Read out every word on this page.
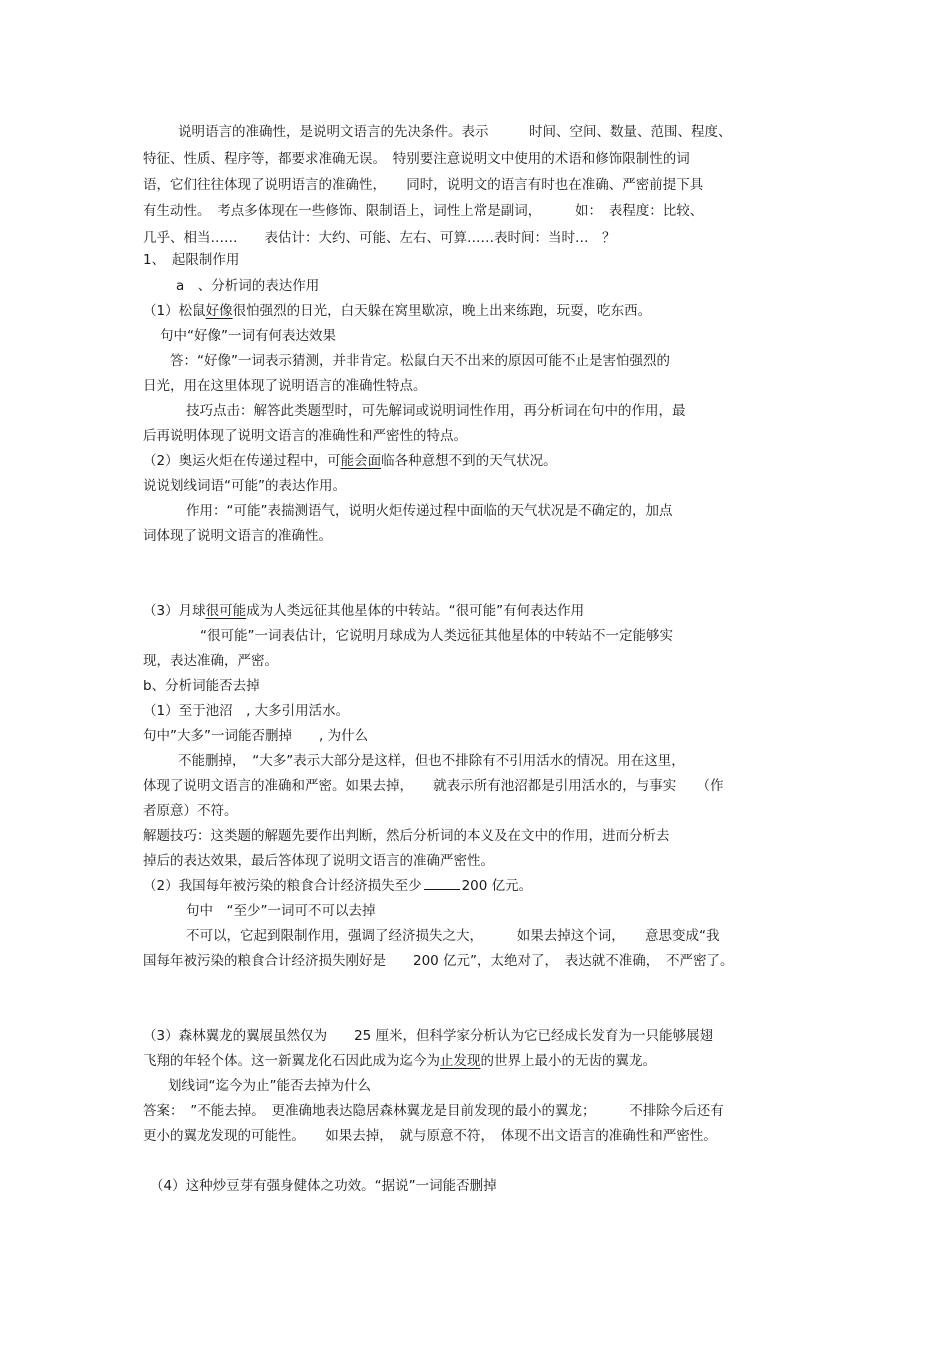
说明语言的准确性，是说明文语言的先决条件。表示　　　时间、空间、数量、范围、程度、
特征、性质、程序等，都要求准确无误。　特别要注意说明文中使用的术语和修饰限制性的词
语，它们往往体现了说明语言的准确性，　　同时，说明文的语言有时也在准确、严密前提下具
有生动性。　考点多体现在一些修饰、限制语上，词性上常是副词，　　　如：　表程度：比较、
几乎、相当……　　表估计：大约、可能、左右、可算……表时间：当时…　？
1、　起限制作用
a　、分析词的表达作用
（1）松鼠好像很怕强烈的日光，白天躲在窝里歇凉，晚上出来练跑，玩耍，吃东西。
句中“好像”一词有何表达效果
答：“好像”一词表示猜测，并非肯定。松鼠白天不出来的原因可能不止是害怕强烈的
日光，用在这里体现了说明语言的准确性特点。
技巧点击：解答此类题型时，可先解词或说明词性作用，再分析词在句中的作用，最
后再说明体现了说明文语言的准确性和严密性的特点。
（2）奥运火炬在传递过程中，可能会面临各种意想不到的天气状况。
说说划线词语“可能”的表达作用。
作用：“可能”表揣测语气，说明火炬传递过程中面临的天气状况是不确定的，加点
词体现了说明文语言的准确性。
（3）月球很可能成为人类远征其他星体的中转站。“很可能”有何表达作用
“很可能”一词表估计，它说明月球成为人类远征其他星体的中转站不一定能够实
现，表达准确，严密。
b、分析词能否去掉
（1）至于池沼　, 大多引用活水。
句中”大多”一词能否删掉　　, 为什么
不能删掉，　“大多”表示大部分是这样，但也不排除有不引用活水的情况。用在这里，
体现了说明文语言的准确和严密。如果去掉，　　就表示所有池沼都是引用活水的，与事实　　（作
者原意）不符。
解题技巧：这类题的解题先要作出判断，然后分析词的本义及在文中的作用，进而分析去
掉后的表达效果，最后答体现了说明文语言的准确严密性。
（2）我国每年被污染的粮食合计经济损失至少	200 亿元。
句中　“至少”一词可不可以去掉
不可以，它起到限制作用，强调了经济损失之大，　　　如果去掉这个词，　　意思变成“我
国每年被污染的粮食合计经济损失刚好是　　200 亿元”，太绝对了，　表达就不准确，　不严密了。
（3）森林翼龙的翼展虽然仅为　　25 厘米，但科学家分析认为它已经成长发育为一只能够展翅
飞翔的年轻个体。这一新翼龙化石因此成为迄今为止发现的世界上最小的无齿的翼龙。
划线词“迄今为止”能否去掉为什么
答案：　”不能去掉。　更准确地表达隐居森林翼龙是目前发现的最小的翼龙；　　　不排除今后还有
更小的翼龙发现的可能性。　　如果去掉，　就与原意不符，　体现不出文语言的准确性和严密性。
（4）这种炒豆芽有强身健体之功效。“据说”一词能否删掉
